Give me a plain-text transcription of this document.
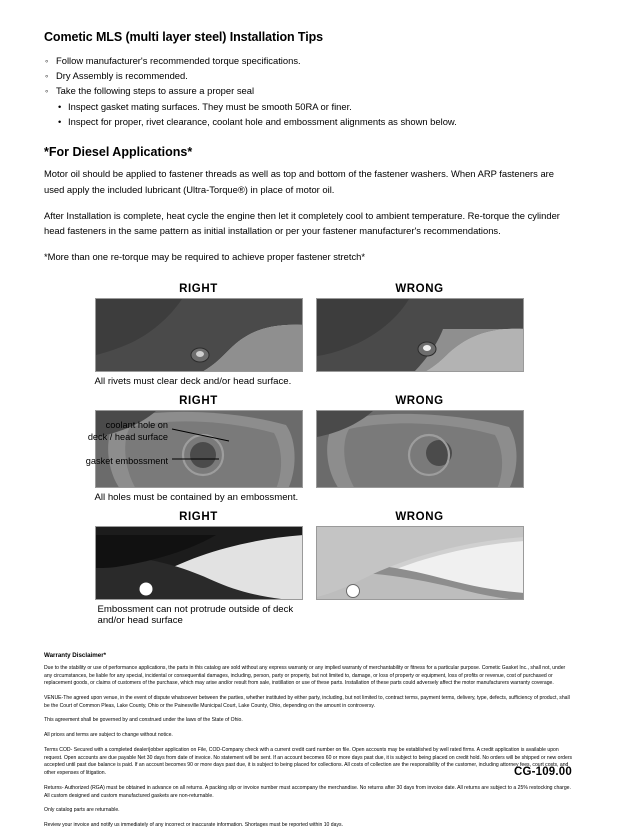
Cometic MLS (multi layer steel) Installation Tips
◦ Follow manufacturer's recommended torque specifications.
◦ Dry Assembly is recommended.
◦ Take the following steps to assure a proper seal
• Inspect gasket mating surfaces. They must be smooth 50RA or finer.
• Inspect for proper, rivet clearance, coolant hole and embossment alignments as shown below.
*For Diesel Applications*

Motor oil should be applied to fastener threads as well as top and bottom of the fastener washers. When ARP fasteners are used apply the included lubricant (Ultra-Torque®) in place of motor oil.

After Installation is complete, heat cycle the engine then let it completely cool to ambient temperature. Re-torque the cylinder head fasteners in the same pattern as initial installation or per your fastener manufacturer's recommendations.

*More than one re-torque may be required to achieve proper fastener stretch*

RIGHT	WRONG
All rivets must clear deck and/or head surface.
RIGHT	WRONG
All holes must be contained by an embossment.
coolant hole on
deck / head surface
gasket embossment
RIGHT	WRONG
Embossment can not protrude outside of deck
and/or head surface
Warranty Disclaimer*

Due to the stability or use of performance applications, the parts in this catalog are sold without any express warranty or any implied warranty of merchantability or fitness for a particular purpose. Cometic Gasket Inc., shall not, under any circumstances, be liable for any special, incidental or consequential damages, including, person, party or property, but not limited to, damage, or loss of property or equipment, loss of profits or revenue, cost of purchased or replacement goods, or claims of customers of the purchase, which may arise and/or result from sale, instillation or use of these parts. Installation of these parts could adversely affect the motor manufacturers warranty coverage.

VENUE-The agreed upon venue, in the event of dispute whatsoever between the parties, whether instituted by either party, including, but not limited to, contract terms, payment terms, delivery, type, defects, sufficiency of product, shall be the Court of Common Pleas, Lake County, Ohio or the Painesville Municipal Court, Lake County, Ohio, depending on the amount in controversy.

This agreement shall be governed by and construed under the laws of the State of Ohio.

All prices and terms are subject to change without notice.

Terms COD- Secured with a completed dealer/jobber application on File, COD-Company check with a current credit card number on file. Open accounts may be established by well rated firms. A credit application is available upon request. Open accounts are due payable Net 30 days from date of invoice. No statement will be sent. If an account becomes 60 or more days past due, it is subject to being placed on credit hold. No orders will be shipped or new orders accepted until past due balance is paid. If an account becomes 90 or more days past due, it is subject to being placed for collections. All costs of collection are the responsibility of the customer, including attorney fees, court costs, and other expenses of litigation.

Returns- Authorized (RGA) must be obtained in advance on all returns. A packing slip or invoice number must accompany the merchandise. No returns after 30 days from invoice date. All returns are subject to a 25% restocking charge. All custom designed and custom manufactured gaskets are non-returnable.

Only catalog parts are returnable.

Review your invoice and notify us immediately of any incorrect or inaccurate information. Shortages must be reported within 10 days.

CG-109.00
